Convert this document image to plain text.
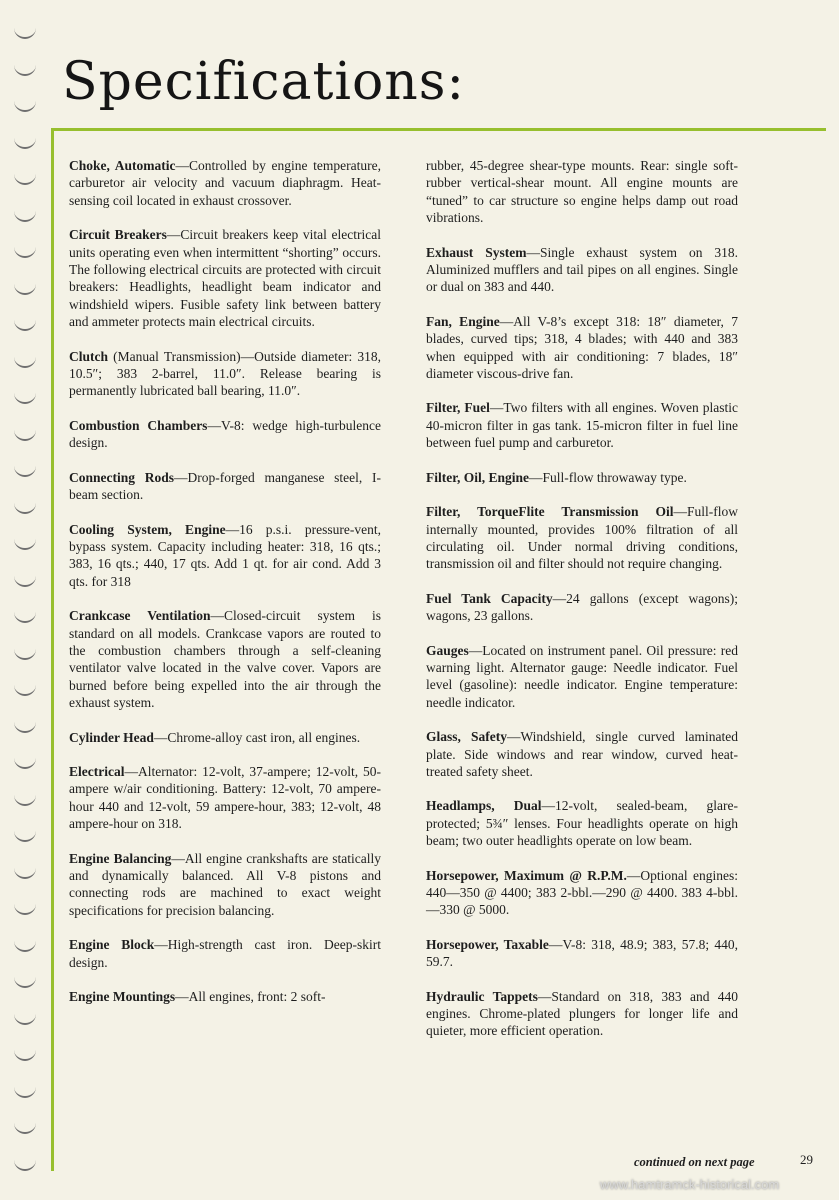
Specifications:

Choke, Automatic—Controlled by engine temperature, carburetor air velocity and vacuum diaphragm. Heat-sensing coil located in exhaust crossover.

Circuit Breakers—Circuit breakers keep vital electrical units operating even when intermittent “shorting” occurs. The following electrical circuits are protected with circuit breakers: Headlights, headlight beam indicator and windshield wipers. Fusible safety link between battery and ammeter protects main electrical circuits.

Clutch (Manual Transmission)—Outside diameter: 318, 10.5″; 383 2-barrel, 11.0″. Release bearing is permanently lubricated ball bearing, 11.0″.

Combustion Chambers—V-8: wedge high-turbulence design.

Connecting Rods—Drop-forged manganese steel, I-beam section.

Cooling System, Engine—16 p.s.i. pressure-vent, bypass system. Capacity including heater: 318, 16 qts.; 383, 16 qts.; 440, 17 qts. Add 1 qt. for air cond. Add 3 qts. for 318

Crankcase Ventilation—Closed-circuit system is standard on all models. Crankcase vapors are routed to the combustion chambers through a self-cleaning ventilator valve located in the valve cover. Vapors are burned before being expelled into the air through the exhaust system.

Cylinder Head—Chrome-alloy cast iron, all engines.

Electrical—Alternator: 12-volt, 37-ampere; 12-volt, 50-ampere w/air conditioning. Battery: 12-volt, 70 ampere-hour 440 and 12-volt, 59 ampere-hour, 383; 12-volt, 48 ampere-hour on 318.

Engine Balancing—All engine crankshafts are statically and dynamically balanced. All V-8 pistons and connecting rods are machined to exact weight specifications for precision balancing.

Engine Block—High-strength cast iron. Deep-skirt design.

Engine Mountings—All engines, front: 2 soft-

rubber, 45-degree shear-type mounts. Rear: single soft-rubber vertical-shear mount. All engine mounts are “tuned” to car structure so engine helps damp out road vibrations.

Exhaust System—Single exhaust system on 318. Aluminized mufflers and tail pipes on all engines. Single or dual on 383 and 440.

Fan, Engine—All V-8’s except 318: 18″ diameter, 7 blades, curved tips; 318, 4 blades; with 440 and 383 when equipped with air conditioning: 7 blades, 18″ diameter viscous-drive fan.

Filter, Fuel—Two filters with all engines. Woven plastic 40-micron filter in gas tank. 15-micron filter in fuel line between fuel pump and carburetor.

Filter, Oil, Engine—Full-flow throwaway type.

Filter, TorqueFlite Transmission Oil—Full-flow internally mounted, provides 100% filtration of all circulating oil. Under normal driving conditions, transmission oil and filter should not require changing.

Fuel Tank Capacity—24 gallons (except wagons); wagons, 23 gallons.

Gauges—Located on instrument panel. Oil pressure: red warning light. Alternator gauge: Needle indicator. Fuel level (gasoline): needle indicator. Engine temperature: needle indicator.

Glass, Safety—Windshield, single curved laminated plate. Side windows and rear window, curved heat-treated safety sheet.

Headlamps, Dual—12-volt, sealed-beam, glare-protected; 5¾″ lenses. Four headlights operate on high beam; two outer headlights operate on low beam.

Horsepower, Maximum @ R.P.M.—Optional engines: 440—350 @ 4400; 383 2-bbl.—290 @ 4400. 383 4-bbl.—330 @ 5000.

Horsepower, Taxable—V-8: 318, 48.9; 383, 57.8; 440, 59.7.

Hydraulic Tappets—Standard on 318, 383 and 440 engines. Chrome-plated plungers for longer life and quieter, more efficient operation.

continued on next page	29
www.hamtramck-historical.com
